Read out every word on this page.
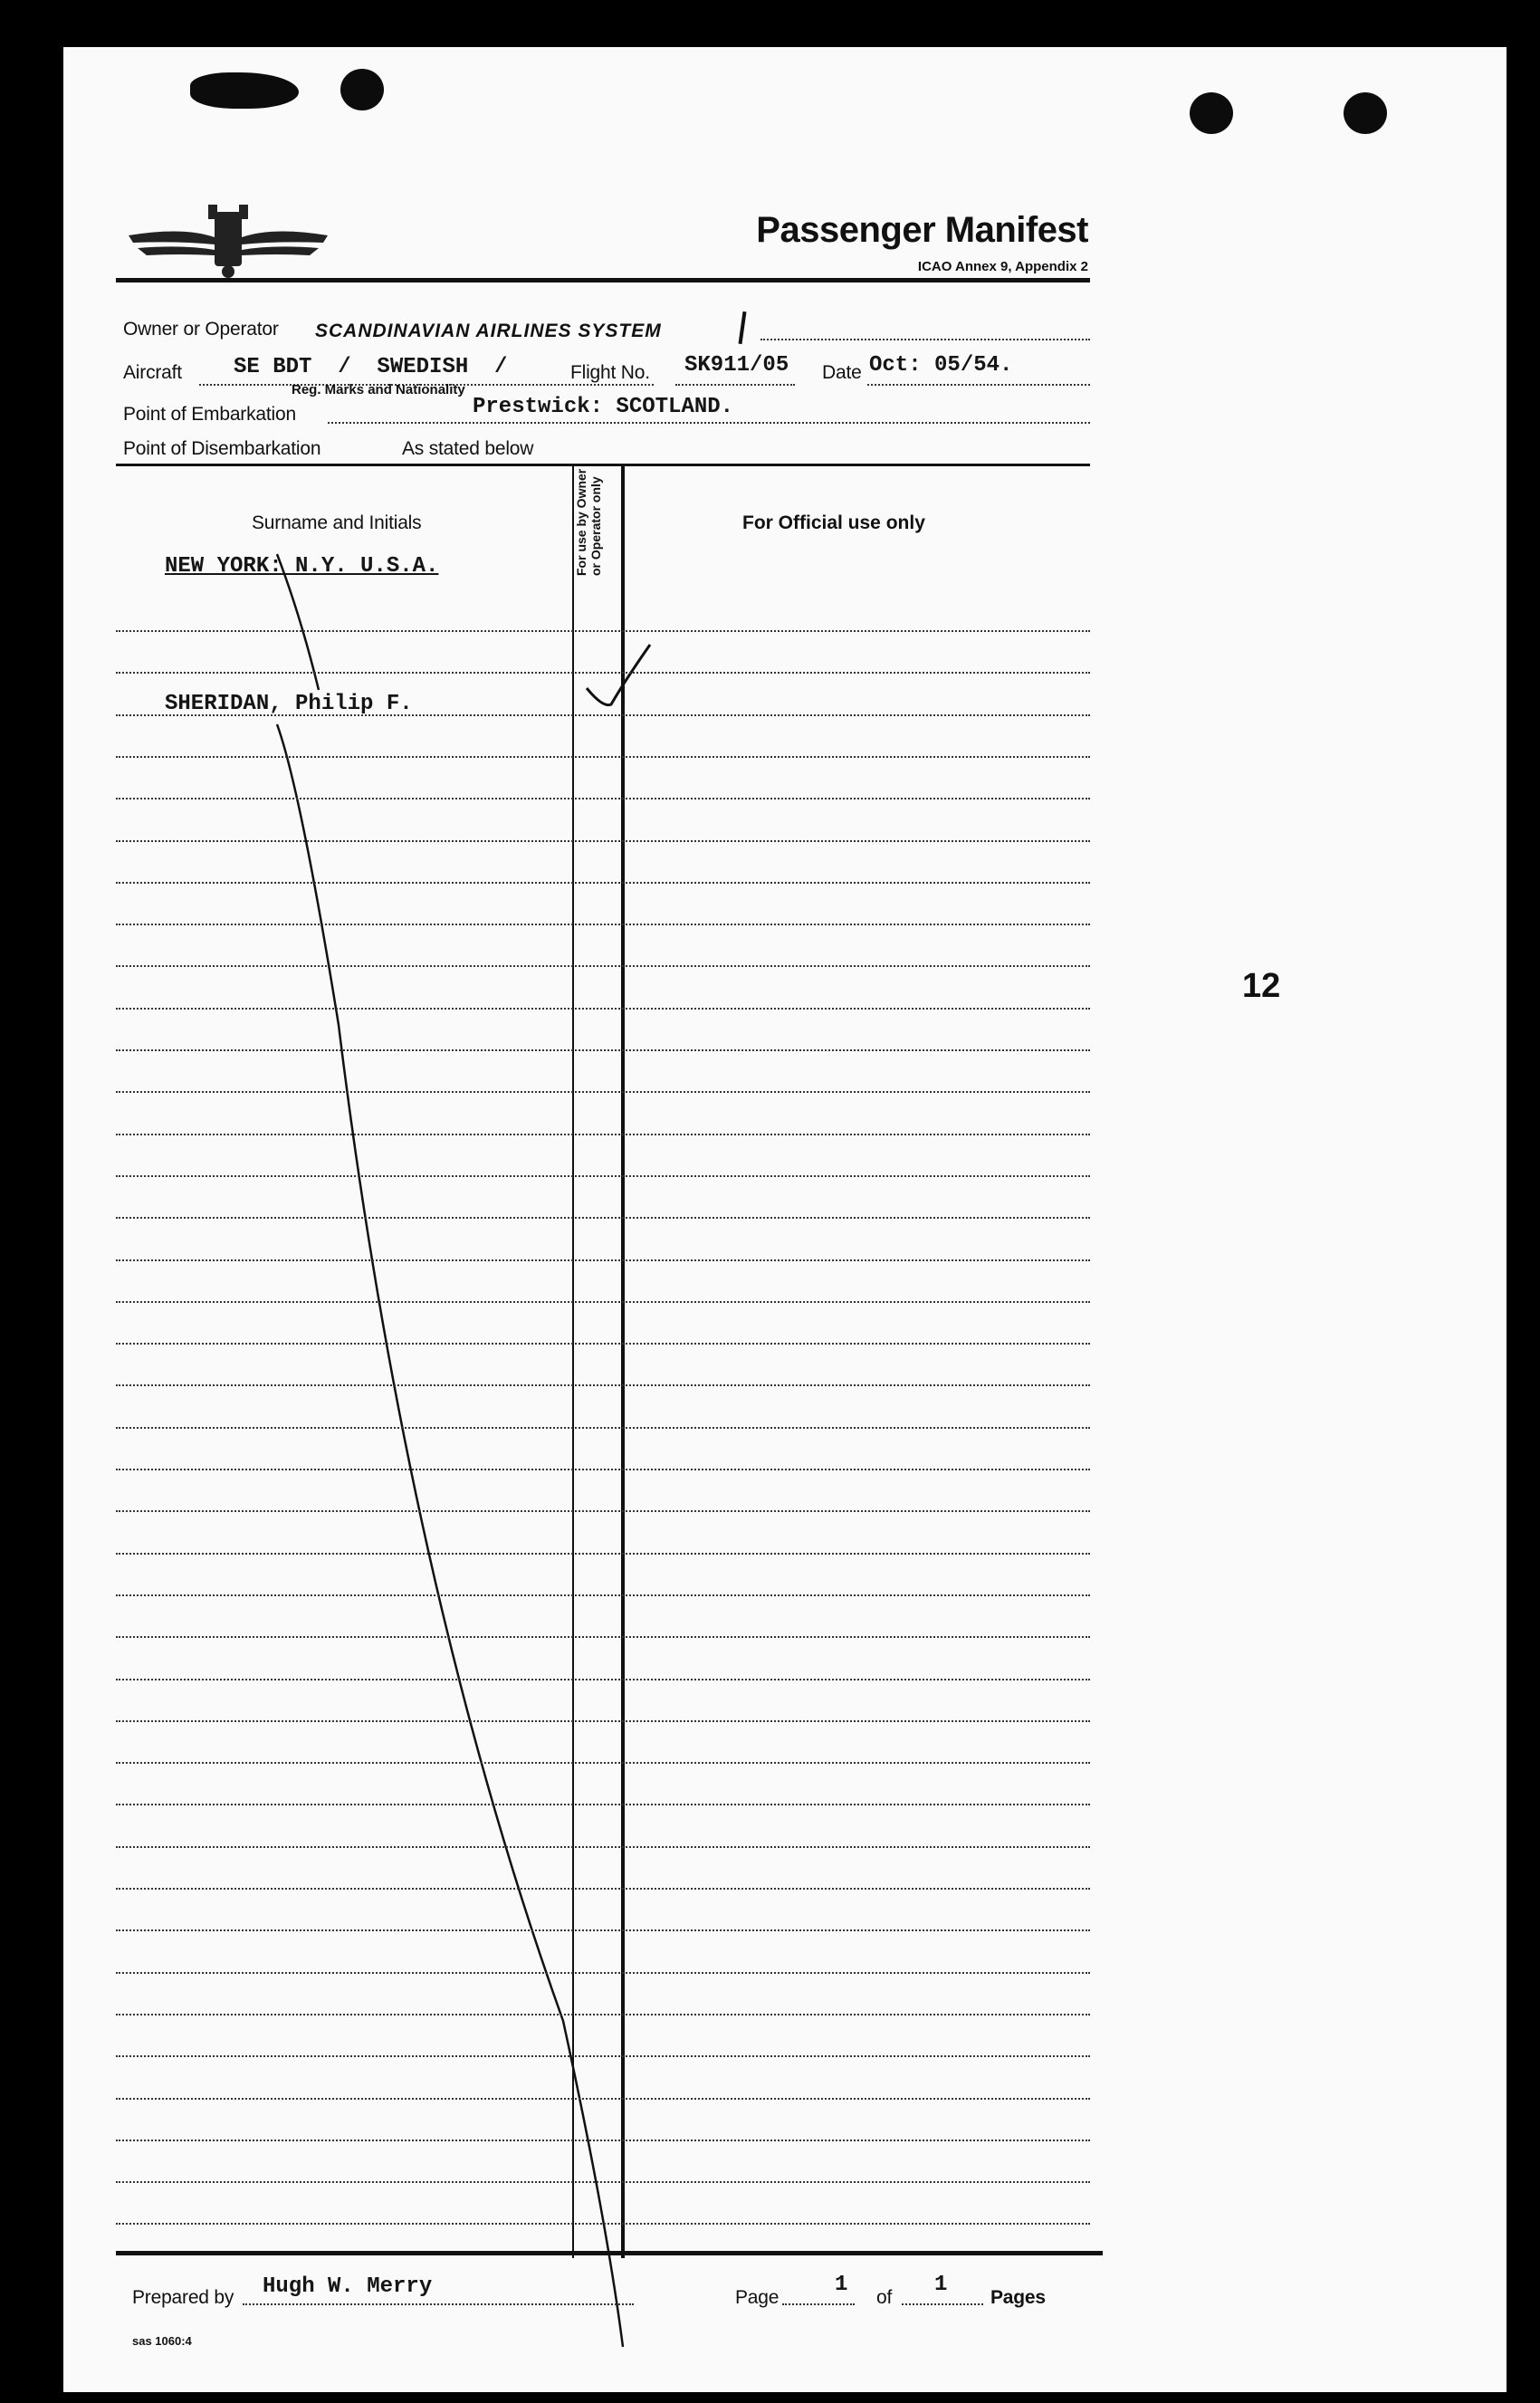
Passenger Manifest
ICAO Annex 9, Appendix 2
Owner or Operator SCANDINAVIAN AIRLINES SYSTEM
Aircraft SE BDT  /  SWEDISH  /
Reg. Marks and Nationality
Flight No. SK911/05 Date Oct: 05/54.
Point of Embarkation	Prestwick: SCOTLAND.
Point of Disembarkation	As stated below
Surname and Initials	For use by Owner or Operator only	For Official use only
NEW YORK: N.Y. U.S.A.
SHERIDAN, Philip F.
Prepared by Hugh W. Merry	Page
1
of
1
Pages
sas 1060:4
12
